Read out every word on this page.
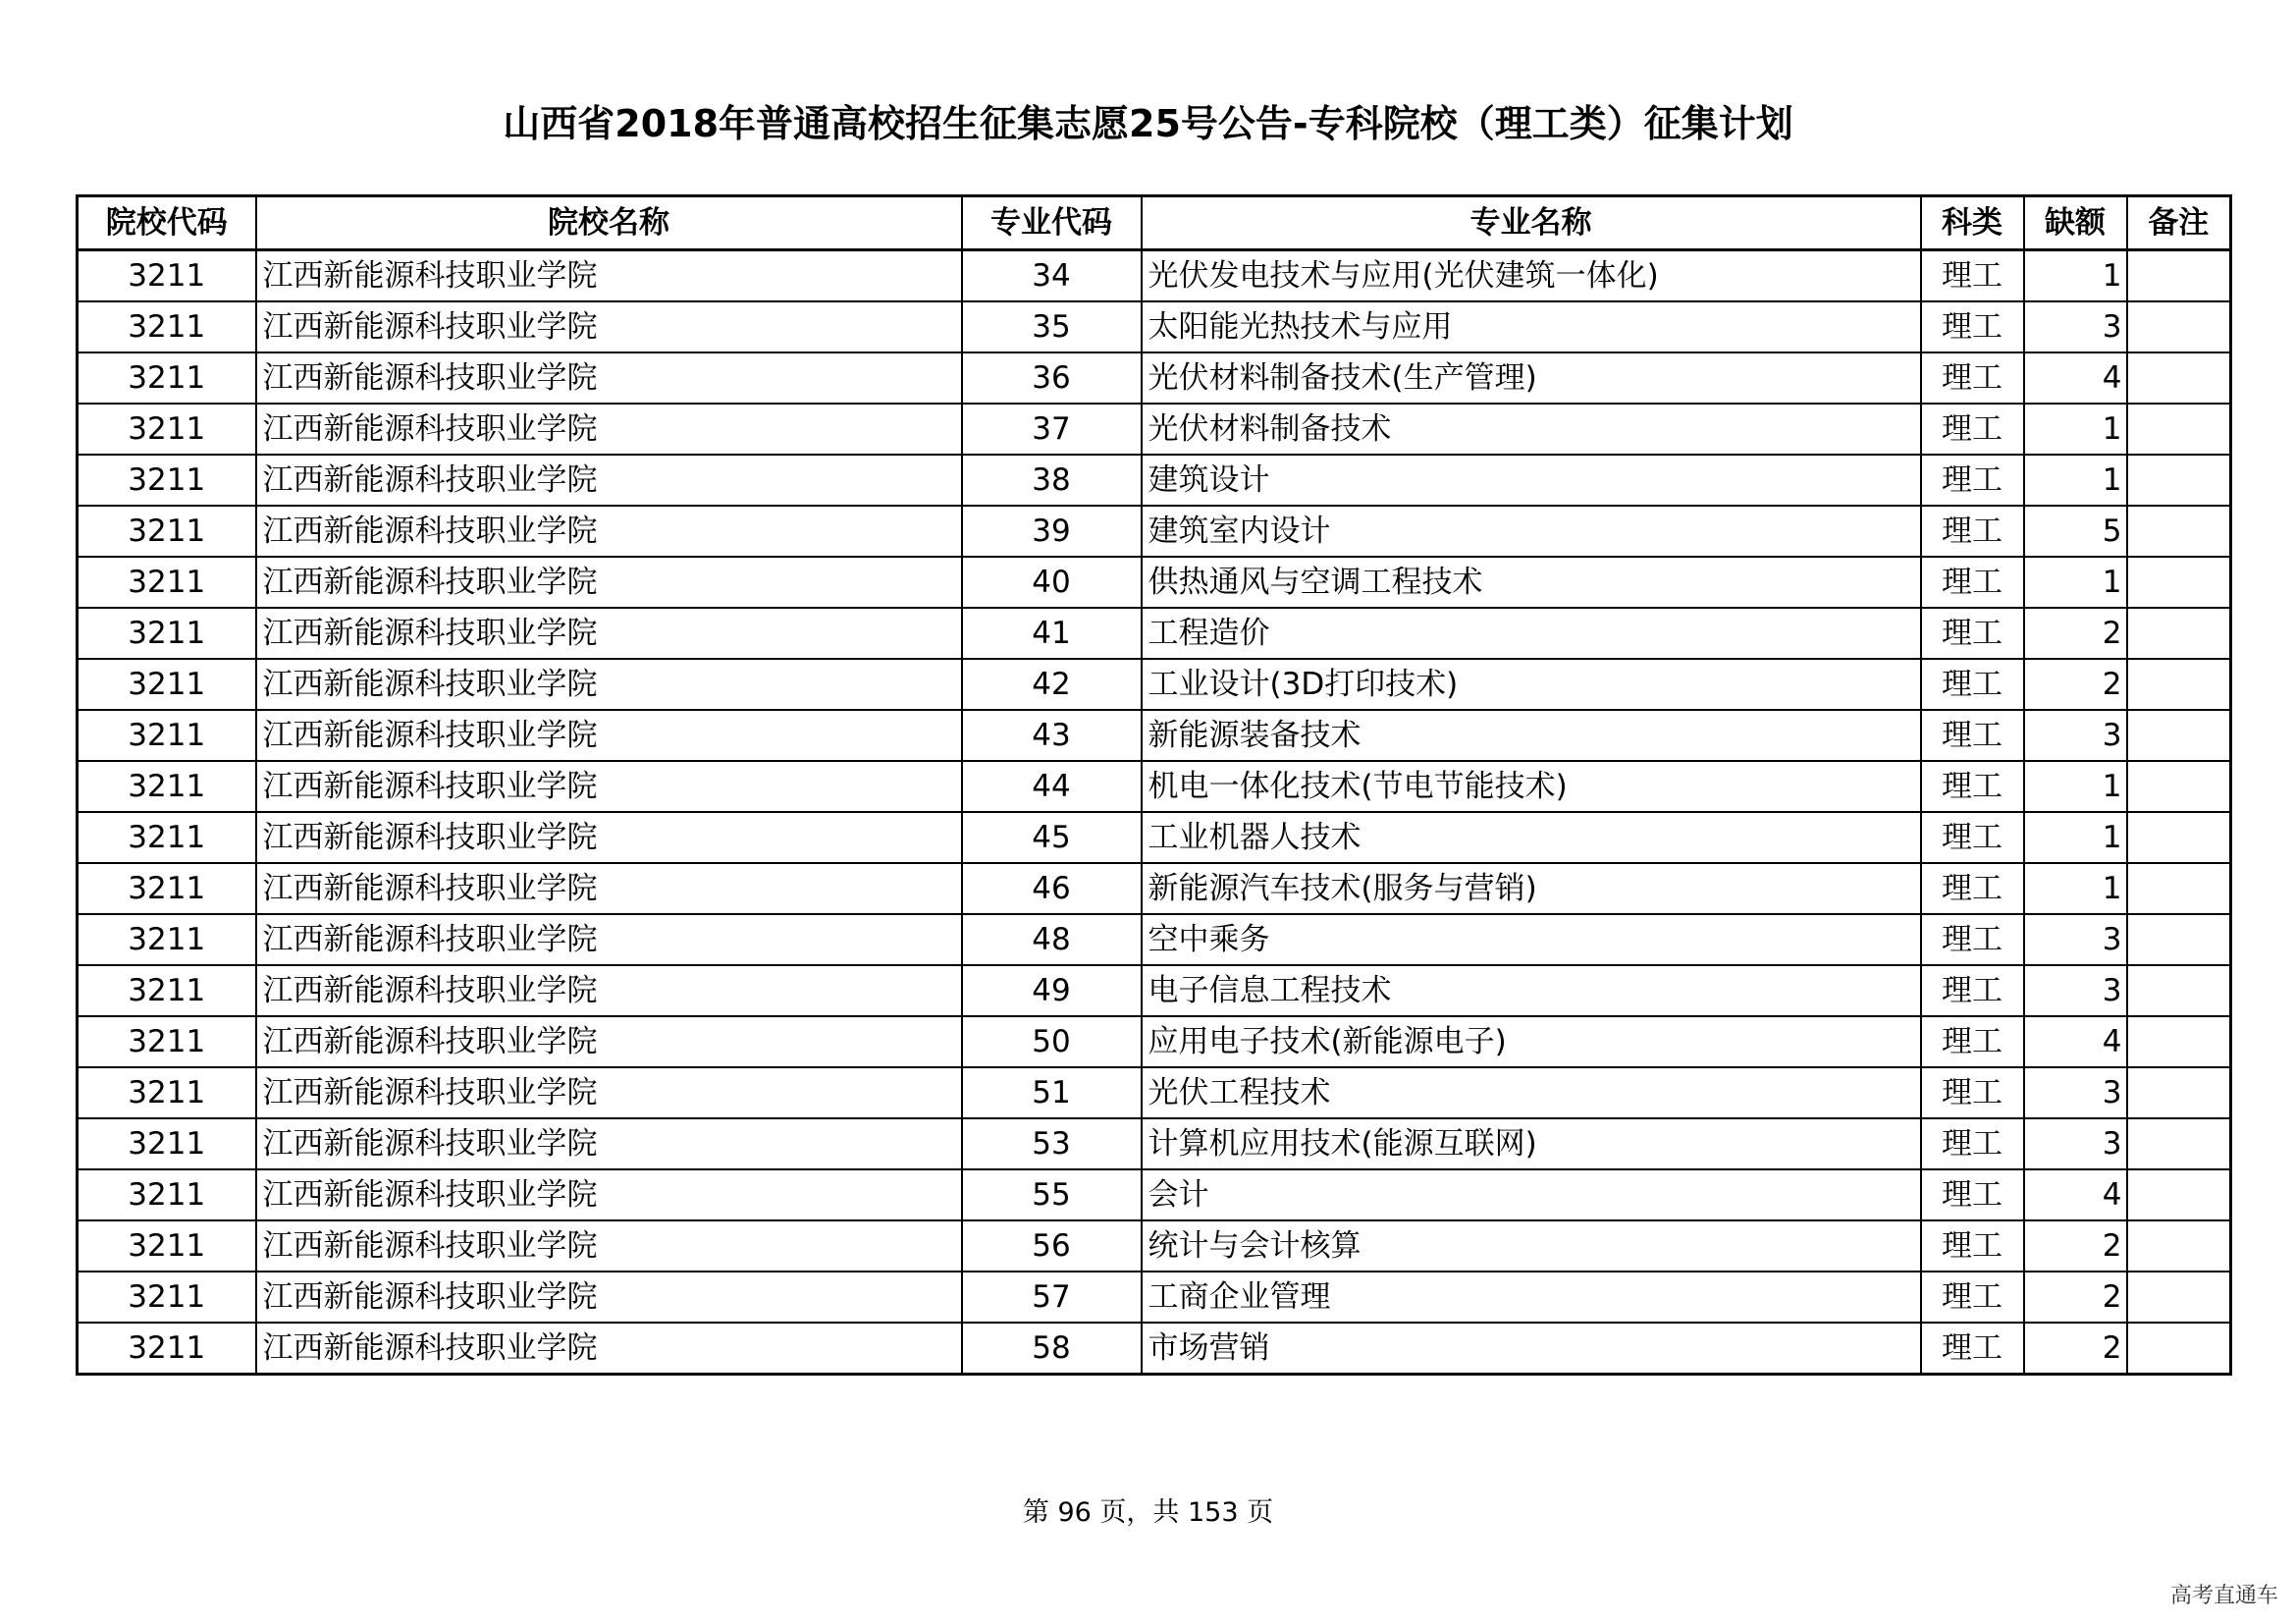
山西省2018年普通高校招生征集志愿25号公告-专科院校（理工类）征集计划
院校代码	院校名称	专业代码	专业名称	科类	缺额	备注
3211	江西新能源科技职业学院	34	光伏发电技术与应用(光伏建筑一体化)	理工	1	
3211	江西新能源科技职业学院	35	太阳能光热技术与应用	理工	3	
3211	江西新能源科技职业学院	36	光伏材料制备技术(生产管理)	理工	4	
3211	江西新能源科技职业学院	37	光伏材料制备技术	理工	1	
3211	江西新能源科技职业学院	38	建筑设计	理工	1	
3211	江西新能源科技职业学院	39	建筑室内设计	理工	5	
3211	江西新能源科技职业学院	40	供热通风与空调工程技术	理工	1	
3211	江西新能源科技职业学院	41	工程造价	理工	2	
3211	江西新能源科技职业学院	42	工业设计(3D打印技术)	理工	2	
3211	江西新能源科技职业学院	43	新能源装备技术	理工	3	
3211	江西新能源科技职业学院	44	机电一体化技术(节电节能技术)	理工	1	
3211	江西新能源科技职业学院	45	工业机器人技术	理工	1	
3211	江西新能源科技职业学院	46	新能源汽车技术(服务与营销)	理工	1	
3211	江西新能源科技职业学院	48	空中乘务	理工	3	
3211	江西新能源科技职业学院	49	电子信息工程技术	理工	3	
3211	江西新能源科技职业学院	50	应用电子技术(新能源电子)	理工	4	
3211	江西新能源科技职业学院	51	光伏工程技术	理工	3	
3211	江西新能源科技职业学院	53	计算机应用技术(能源互联网)	理工	3	
3211	江西新能源科技职业学院	55	会计	理工	4	
3211	江西新能源科技职业学院	56	统计与会计核算	理工	2	
3211	江西新能源科技职业学院	57	工商企业管理	理工	2	
3211	江西新能源科技职业学院	58	市场营销	理工	2	
第 96 页，共 153 页
高考直通车
